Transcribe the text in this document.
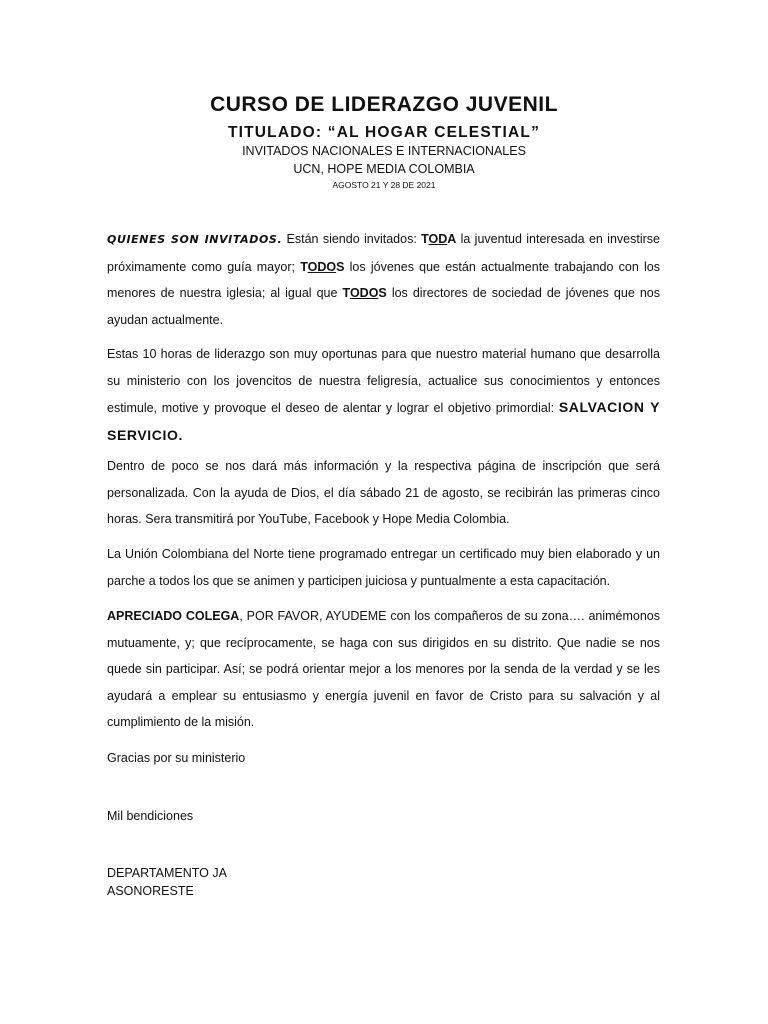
CURSO DE LIDERAZGO JUVENIL
TITULADO: “AL HOGAR CELESTIAL”
INVITADOS NACIONALES E INTERNACIONALES
UCN, HOPE MEDIA COLOMBIA
AGOSTO 21 Y 28 DE 2021

QUIENES SON INVITADOS. Están siendo invitados: TODA la juventud interesada en investirse próximamente como guía mayor; TODOS los jóvenes que están actualmente trabajando con los menores de nuestra iglesia; al igual que TODOS los directores de sociedad de jóvenes que nos ayudan actualmente.

Estas 10 horas de liderazgo son muy oportunas para que nuestro material humano que desarrolla su ministerio con los jovencitos de nuestra feligresía, actualice sus conocimientos y entonces estimule, motive y provoque el deseo de alentar y lograr el objetivo primordial: SALVACION Y SERVICIO.

Dentro de poco se nos dará más información y la respectiva página de inscripción que será personalizada. Con la ayuda de Dios, el día sábado 21 de agosto, se recibirán las primeras cinco horas. Sera transmitirá por YouTube, Facebook y Hope Media Colombia.

La Unión Colombiana del Norte tiene programado entregar un certificado muy bien elaborado y un parche a todos los que se animen y participen juiciosa y puntualmente a esta capacitación.

APRECIADO COLEGA, POR FAVOR, AYUDEME con los compañeros de su zona…. animémonos mutuamente, y; que recíprocamente, se haga con sus dirigidos en su distrito. Que nadie se nos quede sin participar. Así; se podrá orientar mejor a los menores por la senda de la verdad y se les ayudará a emplear su entusiasmo y energía juvenil en favor de Cristo para su salvación y al cumplimiento de la misión.

Gracias por su ministerio
Mil bendiciones
DEPARTAMENTO JA
ASONORESTE
